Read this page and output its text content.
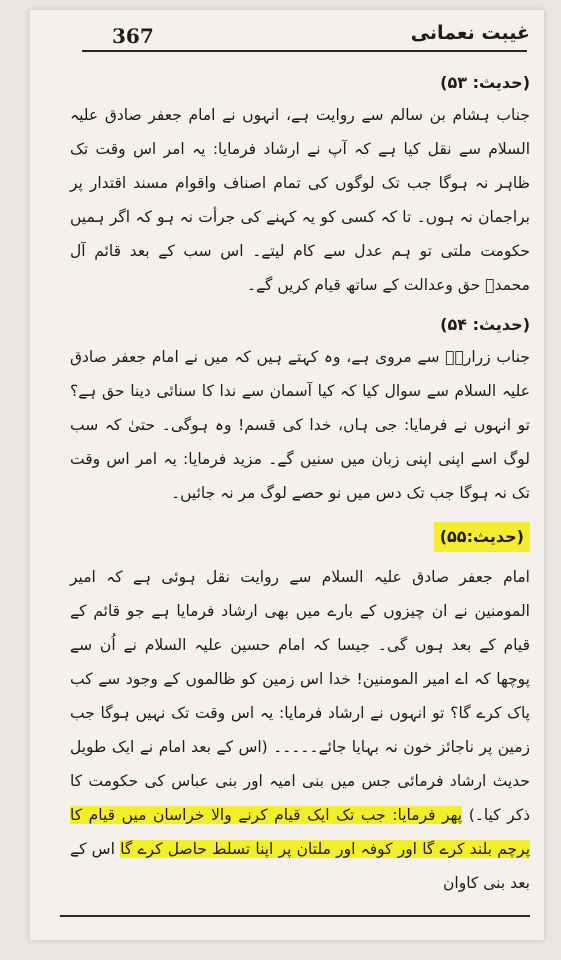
367	غیبت نعمانی

(حدیث: ۵۳)

جناب ہشام بن سالم سے روایت ہے، انہوں نے امام جعفر صادق علیہ السلام سے نقل کیا ہے کہ آپ نے ارشاد فرمایا: یہ امر اس وقت تک ظاہر نہ ہوگا جب تک لوگوں کی تمام اصناف واقوام مسند اقتدار پر براجمان نہ ہوں۔ تا کہ کسی کو یہ کہنے کی جرأت نہ ہو کہ اگر ہمیں حکومت ملتی تو ہم عدل سے کام لیتے۔ اس سب کے بعد قائم آل محمدؑ حق وعدالت کے ساتھ قیام کریں گے۔

(حدیث: ۵۴)

جناب زرارہؒ سے مروی ہے، وہ کہتے ہیں کہ میں نے امام جعفر صادق علیہ السلام سے سوال کیا کہ کیا آسمان سے ندا کا سنائی دینا حق ہے؟ تو انہوں نے فرمایا: جی ہاں، خدا کی قسم! وہ ہوگی۔ حتیٰ کہ سب لوگ اسے اپنی اپنی زبان میں سنیں گے۔ مزید فرمایا: یہ امر اس وقت تک نہ ہوگا جب تک دس میں نو حصے لوگ مر نہ جائیں۔

(حدیث:۵۵)

امام جعفر صادق علیہ السلام سے روایت نقل ہوئی ہے کہ امیر المومنین نے ان چیزوں کے بارے میں بھی ارشاد فرمایا ہے جو قائم کے قیام کے بعد ہوں گی۔ جیسا کہ امام حسین علیہ السلام نے اُن سے پوچھا کہ اے امیر المومنین! خدا اس زمین کو ظالموں کے وجود سے کب پاک کرے گا؟ تو انہوں نے ارشاد فرمایا: یہ اس وقت تک نہیں ہوگا جب زمین پر ناجائز خون نہ بہایا جائے۔۔۔۔۔ (اس کے بعد امام نے ایک طویل حدیث ارشاد فرمائی جس میں بنی امیہ اور بنی عباس کی حکومت کا ذکر کیا۔) پھر فرمایا: جب تک ایک قیام کرنے والا خراسان میں قیام کا پرچم بلند کرے گا اور کوفہ اور ملتان پر اپنا تسلط حاصل کرے گا اس کے بعد بنی کاوان
